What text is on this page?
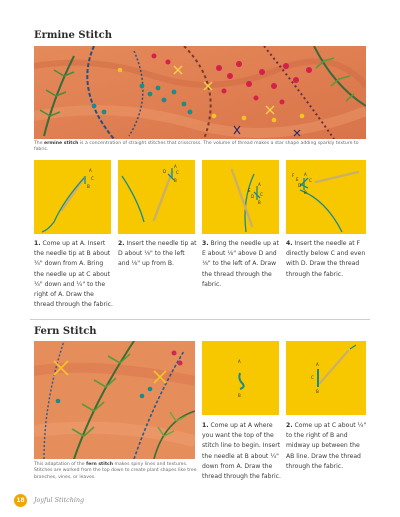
Ermine Stitch
The ermine stitch is a concentration of straight stitches that crisscross. The volume of thread makes a star shape adding sparkly texture to fabric.
A
C
B
A
D C
B
E
A
D C
B
F
E
A
D
C
B
1. Come up at A. Insert the needle tip at B about ¼" down from A. Bring the needle up at C about ¼" down and ¼" to the right of A. Draw the thread through the fabric.
2. Insert the needle tip at D about ⅛" to the left and ⅛" up from B.
3. Bring the needle up at E about ⅛" above D and ⅛" to the left of A. Draw the thread through the fabric.
4. Insert the needle at F directly below C and even with D. Draw the thread through the fabric.
Fern Stitch
This adaptation of the fern stitch makes spiny lines and textures. Stitches are worked from the top down to create plant shapes like tree branches, vines, or leaves.
A
B
A
C
B
1. Come up at A where you want the top of the stitch line to begin. Insert the needle at B about ¼" down from A. Draw the thread through the fabric.
2. Come up at C about ¼" to the right of B and midway up between the AB line. Draw the thread through the fabric.
18	Joyful Stitching
